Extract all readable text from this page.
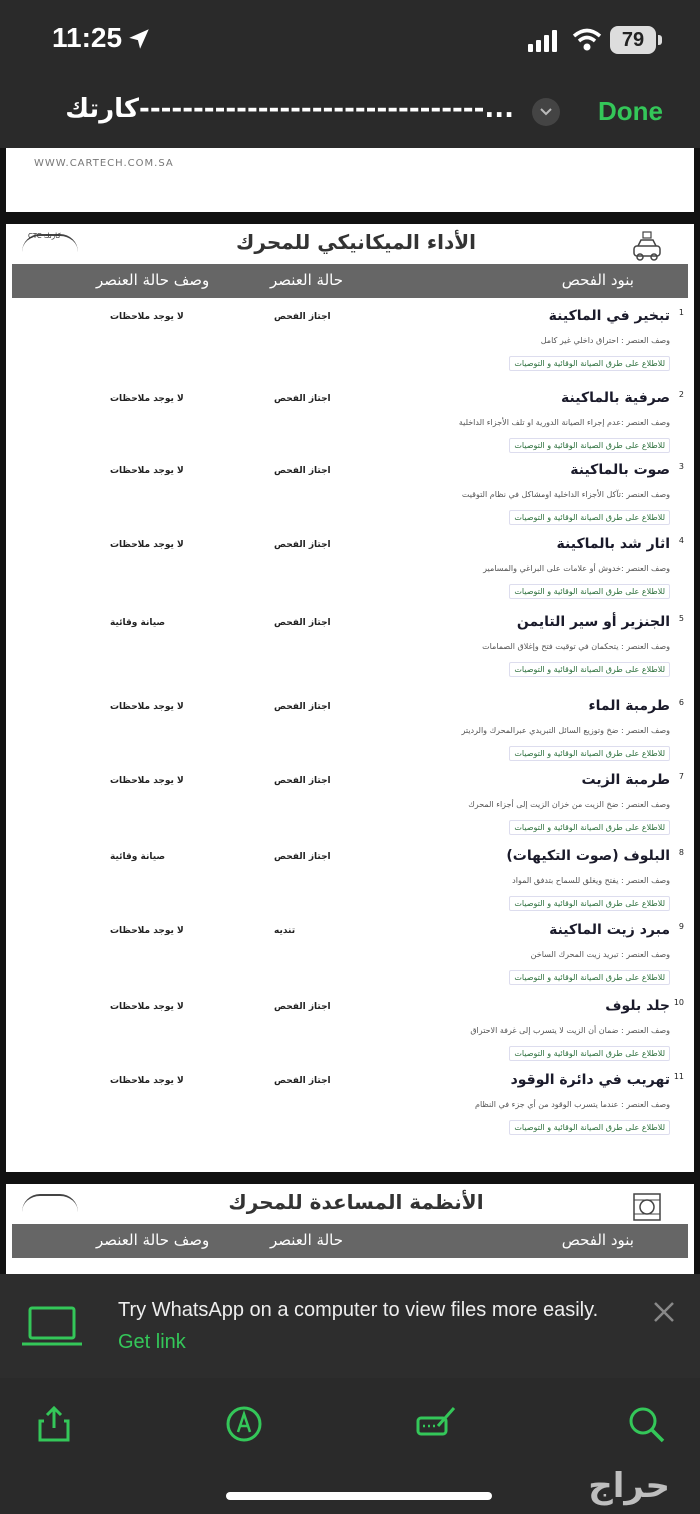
11:25	79
كارتك--------------------------------...	Done
WWW.CARTECH.COM.SA
CTC كارتك	الأداء الميكانيكي للمحرك
بنود الفحص
حالة العنصر
وصف حالة العنصر
1
تبخير في الماكينة
وصف العنصر : احتراق داخلي غير كامل
للاطلاع على طرق الصيانة الوقائية و التوصيات
اجتاز الفحص
لا يوجد ملاحظات
2
صرفية بالماكينة
وصف العنصر :عدم إجراء الصيانة الدورية او تلف الأجزاء الداخلية
للاطلاع على طرق الصيانة الوقائية و التوصيات
اجتاز الفحص
لا يوجد ملاحظات
3
صوت بالماكينة
وصف العنصر :تآكل الأجزاء الداخلية اومشاكل في نظام التوقيت
للاطلاع على طرق الصيانة الوقائية و التوصيات
اجتاز الفحص
لا يوجد ملاحظات
4
اثار شد بالماكينة
وصف العنصر :خدوش أو علامات على البراغي والمسامير
للاطلاع على طرق الصيانة الوقائية و التوصيات
اجتاز الفحص
لا يوجد ملاحظات
5
الجنزير أو سير التايمن
وصف العنصر : يتحكمان في توقيت فتح وإغلاق الصمامات
للاطلاع على طرق الصيانة الوقائية و التوصيات
اجتاز الفحص
صيانة وقائية
6
طرمبة الماء
وصف العنصر : ضخ وتوزيع السائل التبريدي عبرالمحرك والرديتر
للاطلاع على طرق الصيانة الوقائية و التوصيات
اجتاز الفحص
لا يوجد ملاحظات
7
طرمبة الزيت
وصف العنصر : ضخ الزيت من خزان الزيت إلى أجزاء المحرك
للاطلاع على طرق الصيانة الوقائية و التوصيات
اجتاز الفحص
لا يوجد ملاحظات
8
البلوف (صوت التكيهات)
وصف العنصر : يفتح ويغلق للسماح بتدفق المواد
للاطلاع على طرق الصيانة الوقائية و التوصيات
اجتاز الفحص
صيانة وقائية
9
مبرد زيت الماكينة
وصف العنصر : تبريد زيت المحرك الساخن
للاطلاع على طرق الصيانة الوقائية و التوصيات
تنديه
لا يوجد ملاحظات
10
جلد بلوف
وصف العنصر : ضمان أن الزيت لا يتسرب إلى غرفة الاحتراق
للاطلاع على طرق الصيانة الوقائية و التوصيات
اجتاز الفحص
لا يوجد ملاحظات
11
تهريب في دائرة الوقود
وصف العنصر : عندما يتسرب الوقود من أي جزء في النظام
للاطلاع على طرق الصيانة الوقائية و التوصيات
اجتاز الفحص
لا يوجد ملاحظات
الأنظمة المساعدة للمحرك
بنود الفحص
حالة العنصر
وصف حالة العنصر
Try WhatsApp on a computer to view files more easily. Get link
حراج
